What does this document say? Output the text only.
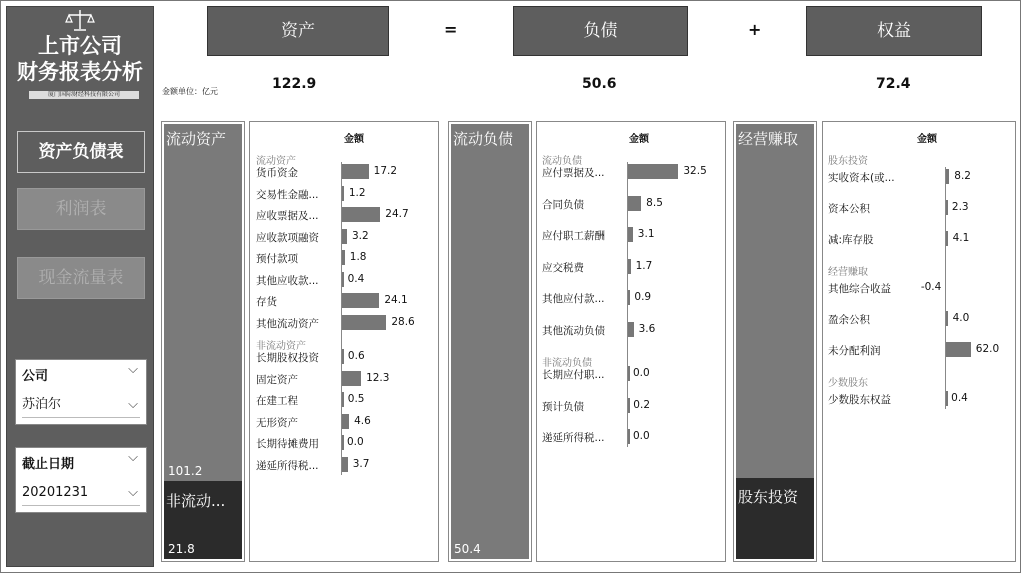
上市公司
财务报表分析
厦门国际财经科技有限公司
资产负债表
利润表
现金流量表
公司	⌵
苏泊尔	⌵
截止日期	⌵
20201231	⌵
资产	=	负债	+	权益
金额单位：亿元	122.9	50.6	72.4
流动资产
101.2
非流动...
21.8
金额
流动资产
货币资金	17.2
交易性金融...	1.2
应收票据及...	24.7
应收款项融资	3.2
预付款项	1.8
其他应收款...	0.4
存货	24.1
其他流动资产	28.6
非流动资产
长期股权投资	0.6
固定资产	12.3
在建工程	0.5
无形资产	4.6
长期待摊费用	0.0
递延所得税...	3.7
流动负债
50.4
金额
流动负债
应付票据及...	32.5
合同负债	8.5
应付职工薪酬	3.1
应交税费	1.7
其他应付款...	0.9
其他流动负债	3.6
非流动负债
长期应付职...	0.0
预计负债	0.2
递延所得税...	0.0
经营赚取
股东投资
金额
股东投资
实收资本(或...	8.2
资本公积	2.3
减:库存股	4.1
经营赚取
其他综合收益	-0.4
盈余公积	4.0
未分配利润	62.0
少数股东
少数股东权益	0.4
